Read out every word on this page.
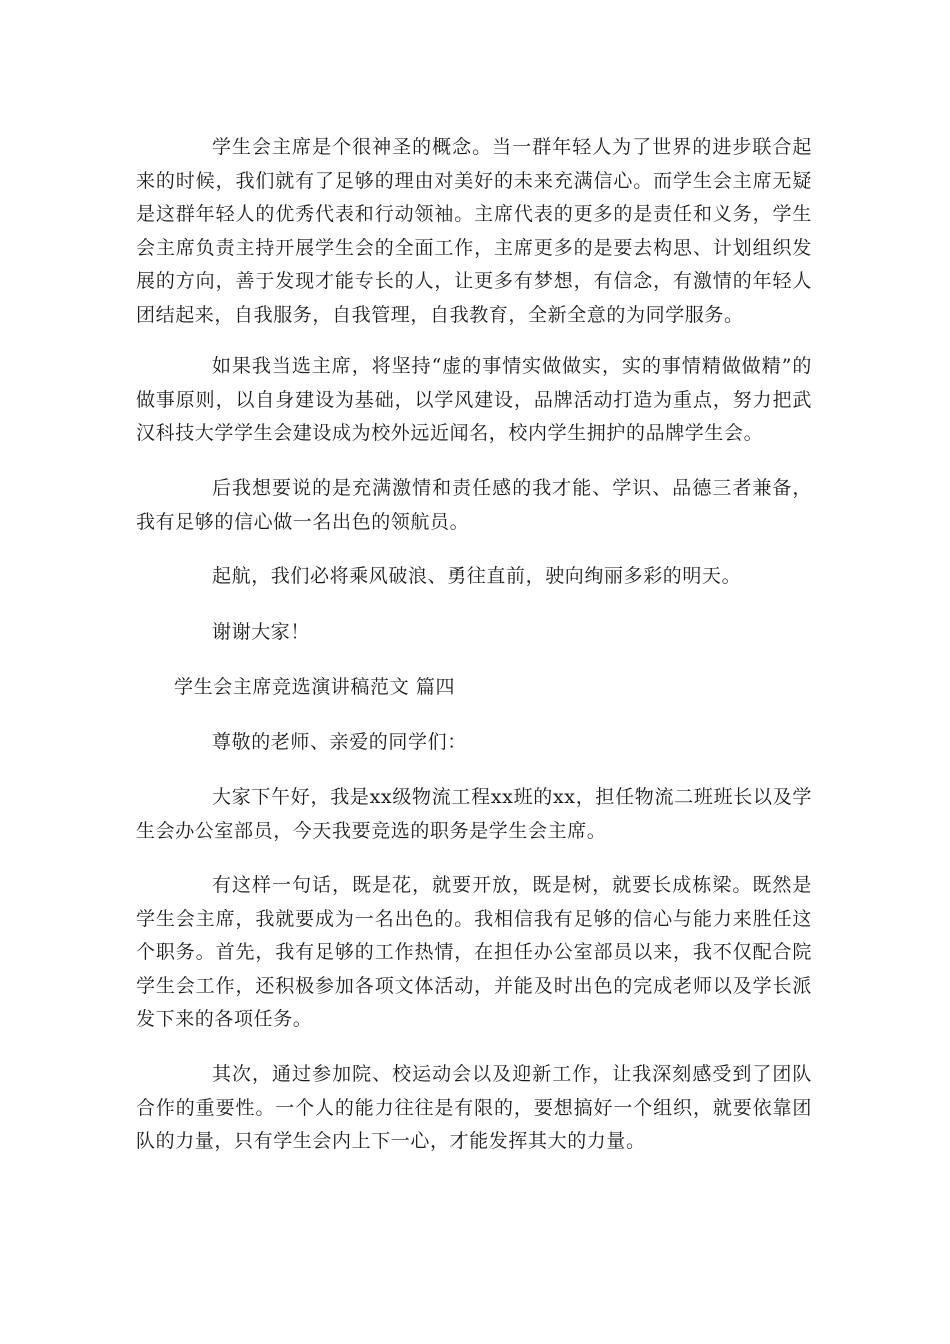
学生会主席是个很神圣的概念。当一群年轻人为了世界的进步联合起来的时候，我们就有了足够的理由对美好的未来充满信心。而学生会主席无疑是这群年轻人的优秀代表和行动领袖。主席代表的更多的是责任和义务，学生会主席负责主持开展学生会的全面工作，主席更多的是要去构思、计划组织发展的方向，善于发现才能专长的人，让更多有梦想，有信念，有激情的年轻人团结起来，自我服务，自我管理，自我教育，全新全意的为同学服务。

如果我当选主席，将坚持“虚的事情实做做实，实的事情精做做精”的做事原则，以自身建设为基础，以学风建设，品牌活动打造为重点，努力把武汉科技大学学生会建设成为校外远近闻名，校内学生拥护的品牌学生会。

后我想要说的是充满激情和责任感的我才能、学识、品德三者兼备，我有足够的信心做一名出色的领航员。

起航，我们必将乘风破浪、勇往直前，驶向绚丽多彩的明天。

谢谢大家！

学生会主席竞选演讲稿范文 篇四

尊敬的老师、亲爱的同学们：

大家下午好，我是xx级物流工程xx班的xx，担任物流二班班长以及学生会办公室部员，今天我要竞选的职务是学生会主席。

有这样一句话，既是花，就要开放，既是树，就要长成栋梁。既然是学生会主席，我就要成为一名出色的。我相信我有足够的信心与能力来胜任这个职务。首先，我有足够的工作热情，在担任办公室部员以来，我不仅配合院学生会工作，还积极参加各项文体活动，并能及时出色的完成老师以及学长派发下来的各项任务。

其次，通过参加院、校运动会以及迎新工作，让我深刻感受到了团队合作的重要性。一个人的能力往往是有限的，要想搞好一个组织，就要依靠团队的力量，只有学生会内上下一心，才能发挥其大的力量。
